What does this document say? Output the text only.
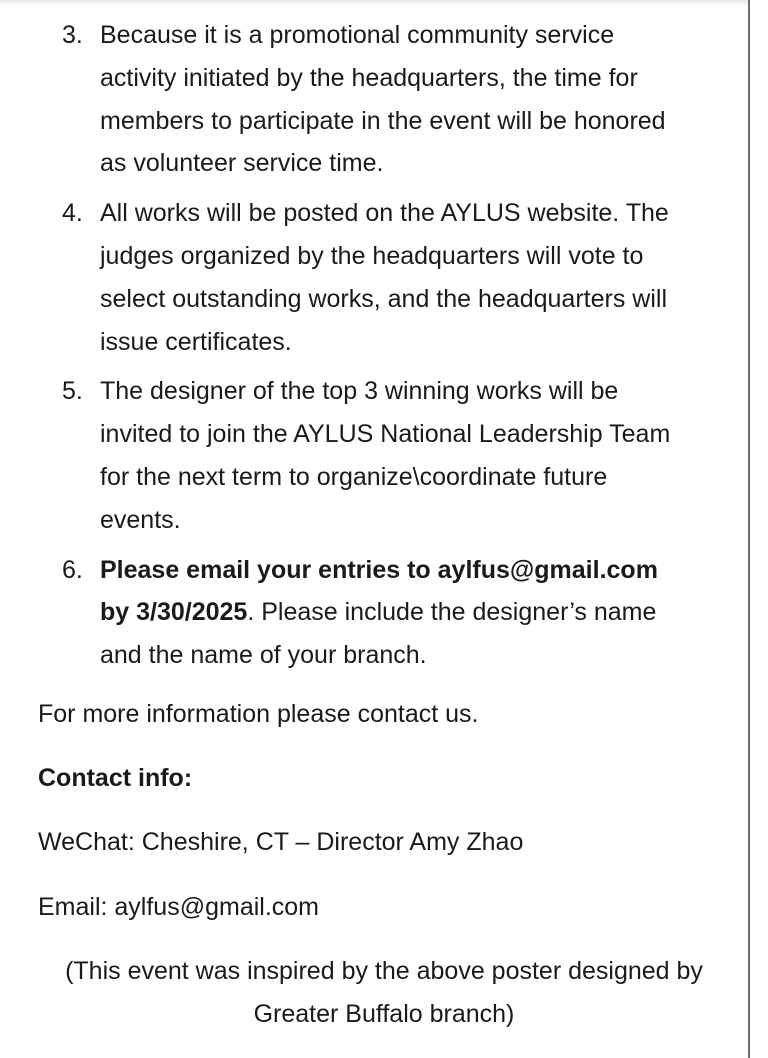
3. Because it is a promotional community service
activity initiated by the headquarters, the time for
members to participate in the event will be honored
as volunteer service time.
4. All works will be posted on the AYLUS website. The
judges organized by the headquarters will vote to
select outstanding works, and the headquarters will
issue certificates.
5. The designer of the top 3 winning works will be
invited to join the AYLUS National Leadership Team
for the next term to organize\coordinate future
events.
6. Please email your entries to aylfus@gmail.com
by 3/30/2025. Please include the designer’s name
and the name of your branch.
For more information please contact us.
Contact info:
WeChat: Cheshire, CT – Director Amy Zhao
Email: aylfus@gmail.com
(This event was inspired by the above poster designed by
Greater Buffalo branch)
